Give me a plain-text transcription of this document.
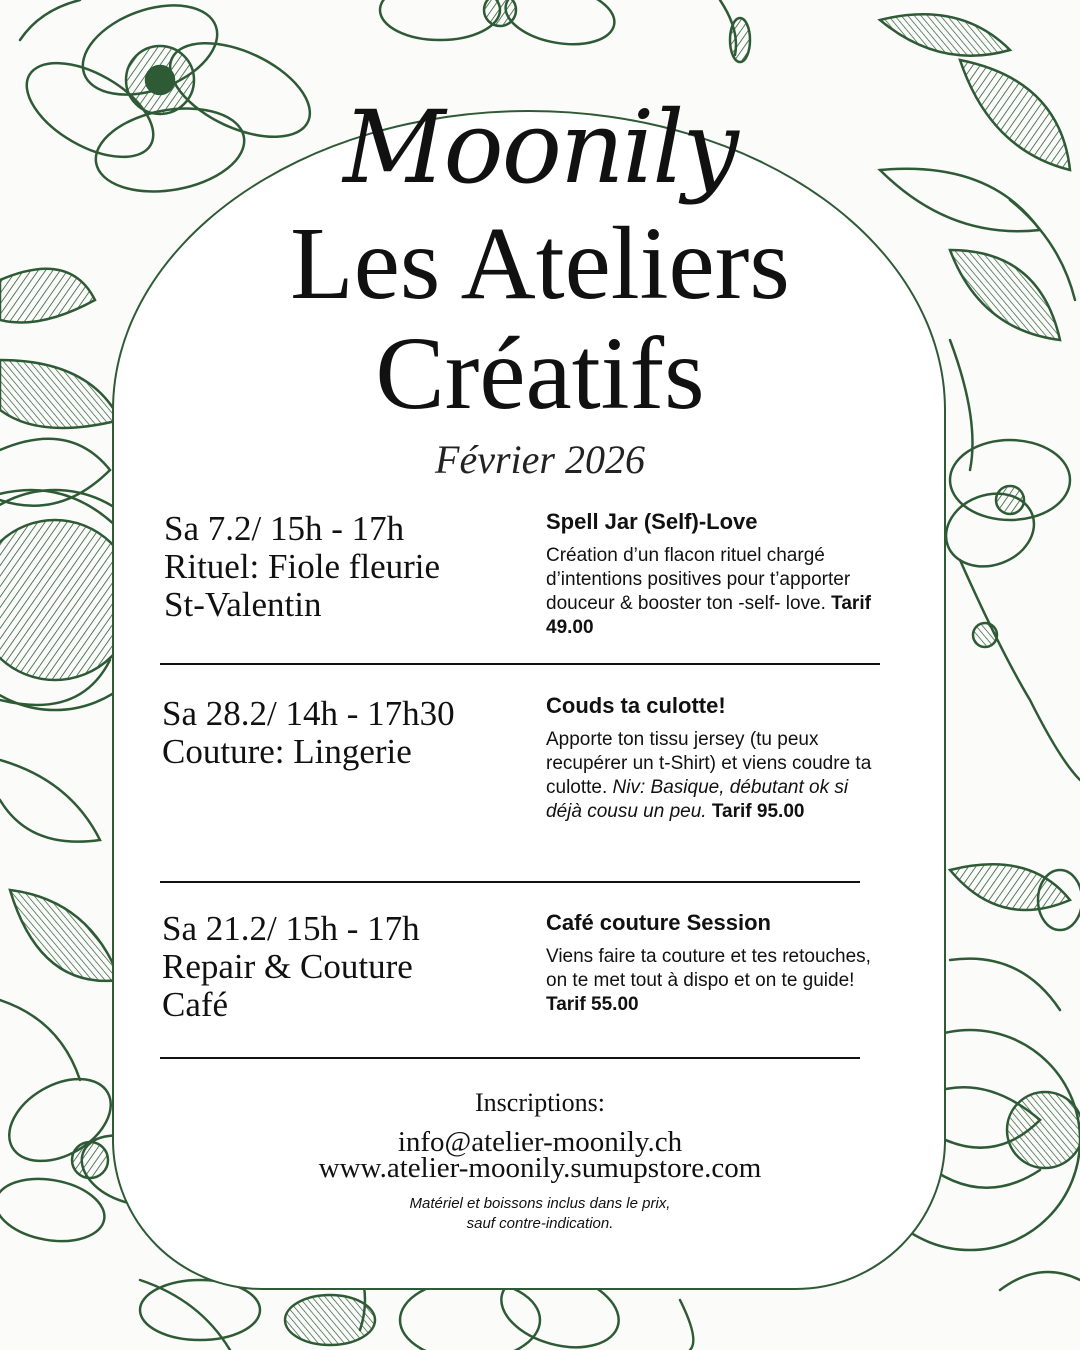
Moonily
Les Ateliers
Créatifs
Février 2026
Sa 7.2/ 15h - 17h
Rituel: Fiole fleurie
St-Valentin
Spell Jar (Self)-Love
Création d’un flacon rituel chargé d’intentions positives pour t’apporter douceur & booster ton -self- love. Tarif 49.00
Sa 28.2/ 14h - 17h30
Couture: Lingerie
Couds ta culotte!
Apporte ton tissu jersey (tu peux recupérer un t-Shirt) et viens coudre ta culotte. Niv: Basique, débutant ok si déjà cousu un peu. Tarif 95.00
Sa 21.2/ 15h - 17h
Repair & Couture
Café
Café couture Session
Viens faire ta couture et tes retouches, on te met tout à dispo et on te guide! Tarif 55.00
Inscriptions:
info@atelier-moonily.ch
www.atelier-moonily.sumupstore.com
Matériel et boissons inclus dans le prix,
sauf contre-indication.
